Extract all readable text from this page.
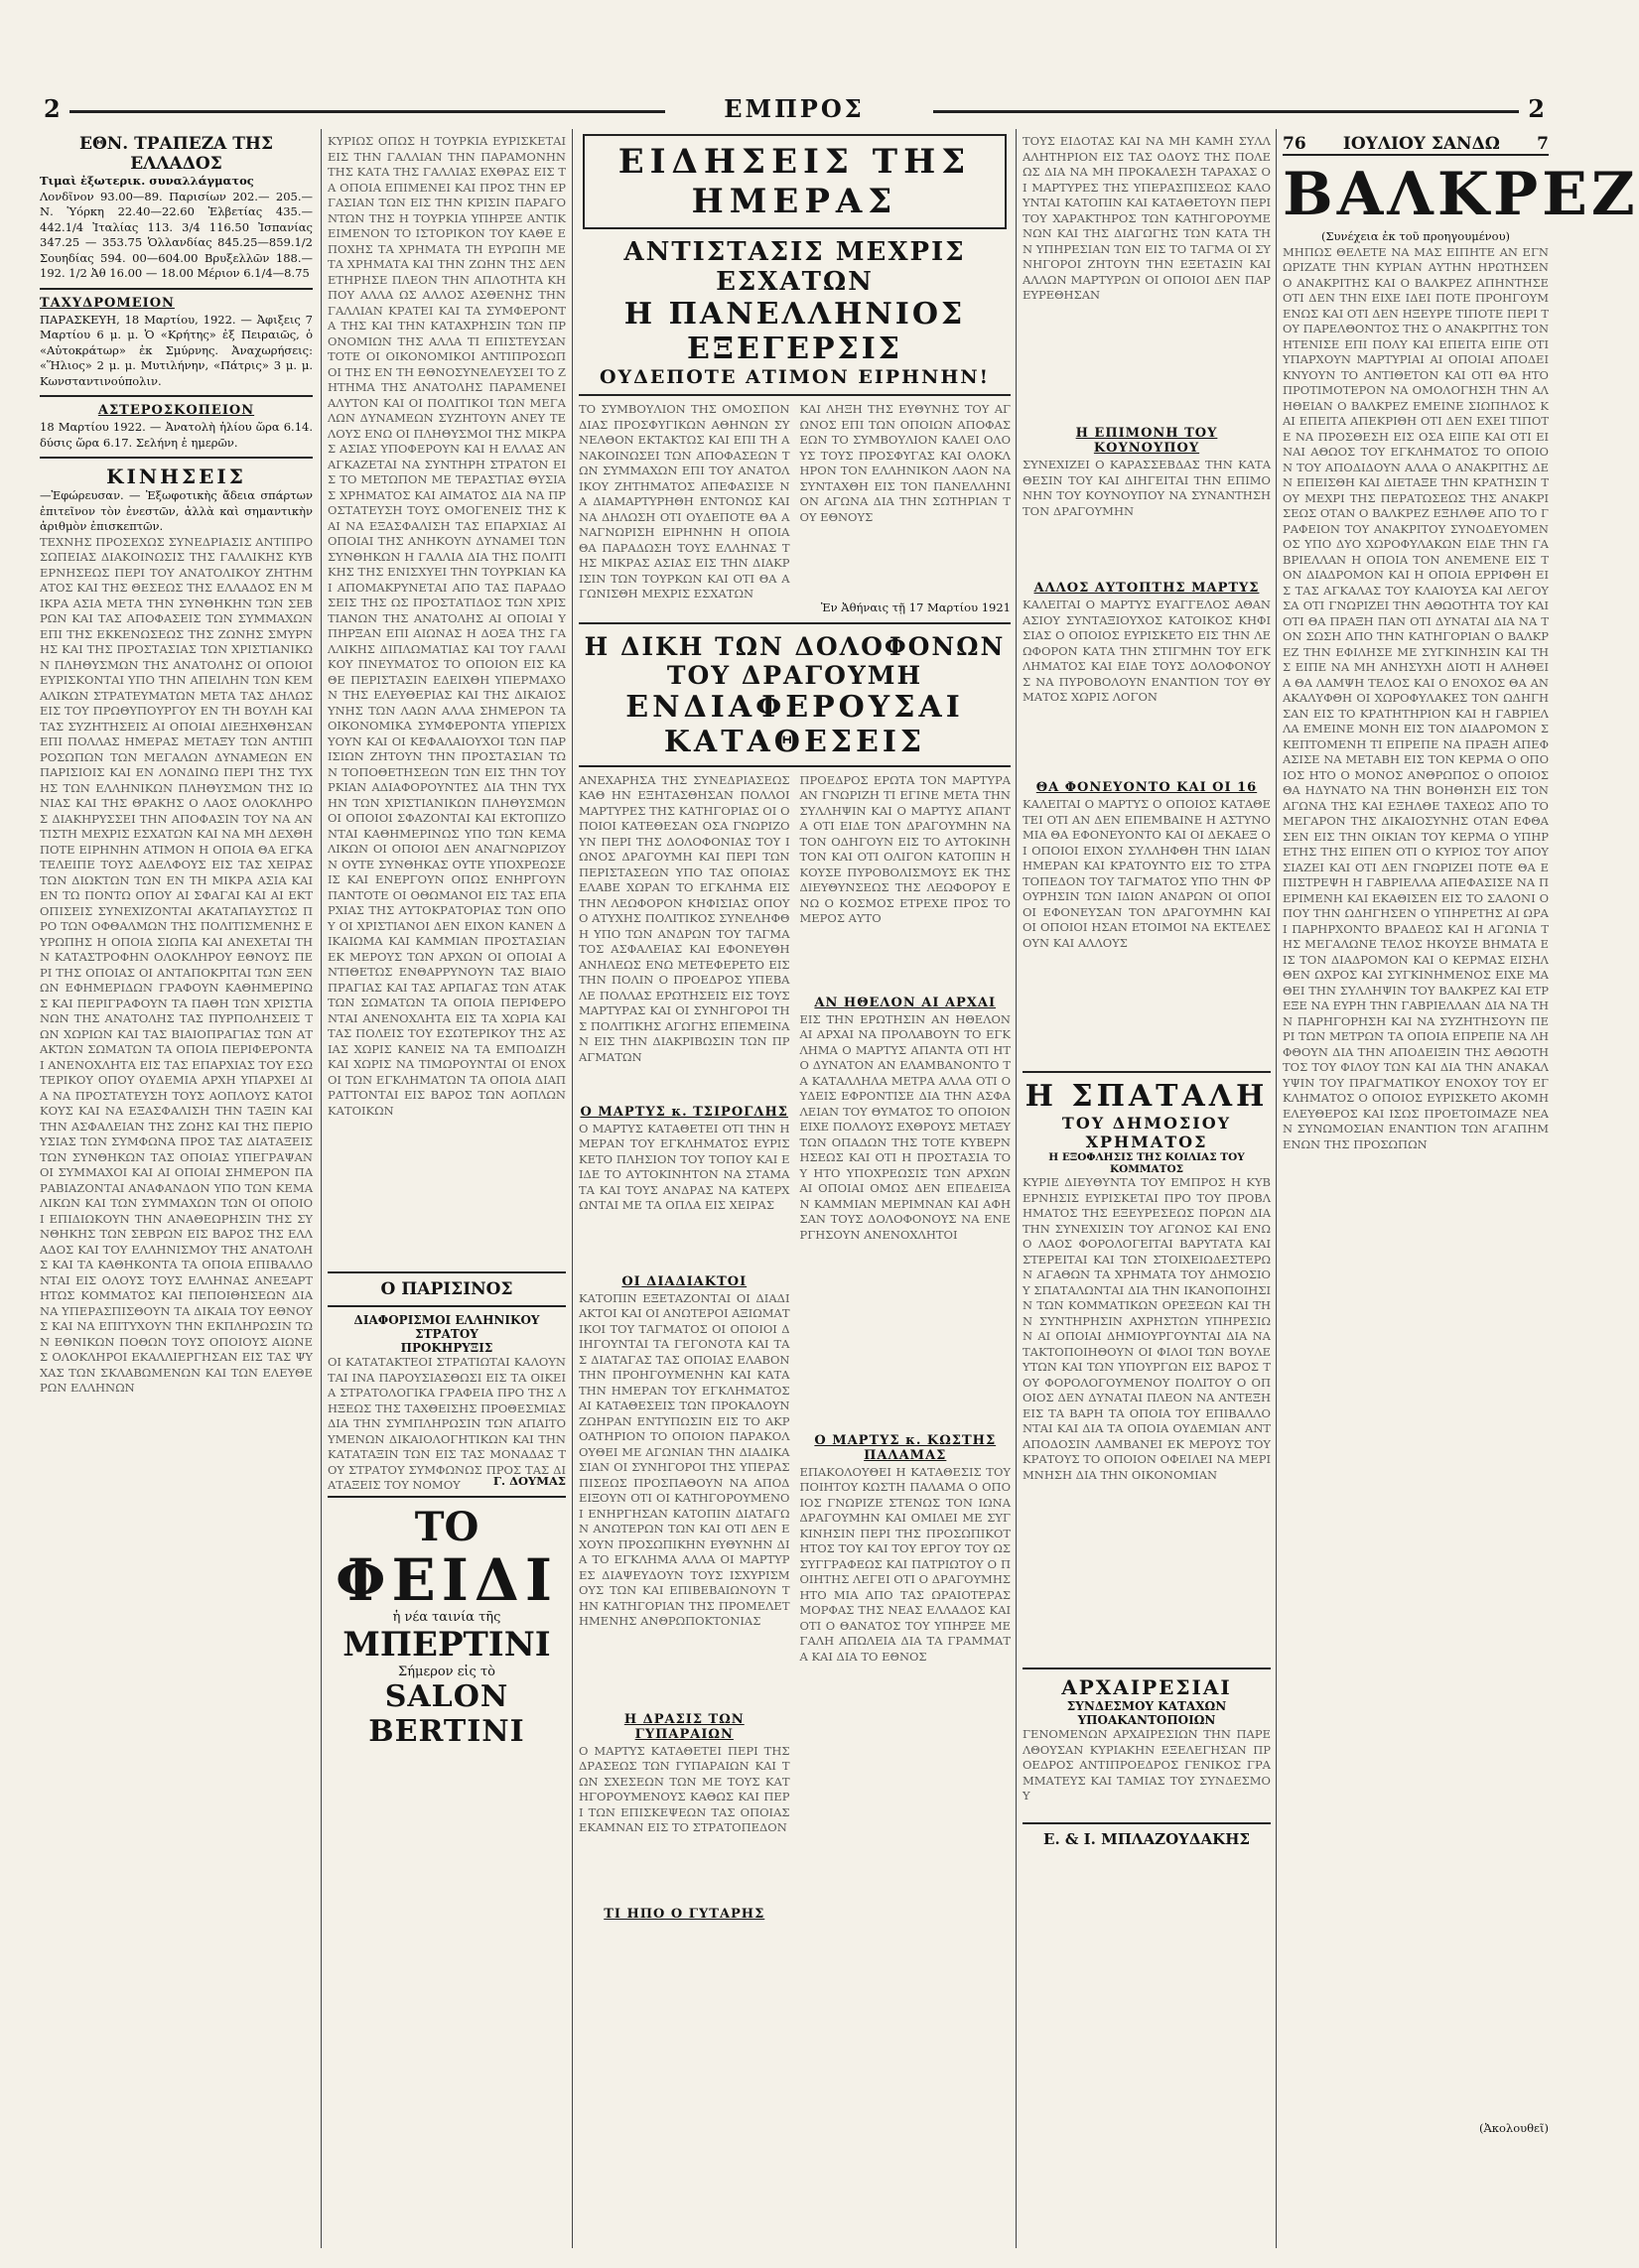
2	ΕΜΠΡΟΣ	2
ΕΘΝ. ΤΡΑΠΕΖΑ ΤΗΣ ΕΛΛΑΔΟΣ
Τιμαὶ ἐξωτερικ. συναλλάγματος
Λονδῖνον 93.00—89. Παρισίων 202.— 205.— Ν. Ὑόρκη 22.40—22.60 Ἑλβετίας 435.— 442.1/4 Ἰταλίας 113. 3/4 116.50 Ἰσπανίας 347.25 — 353.75 Ὁλλανδίας 845.25—859.1/2 Σουηδίας 594. 00—604.00 Βρυξελλῶν 188.— 192. 1/2 Ἀθ 16.00 — 18.00 Μέριον 6.1/4—8.75
ΤΑΧΥΔΡΟΜΕΙΟΝ
ΠΑΡΑΣΚΕΥΗ, 18 Μαρτίου, 1922. — Ἀφιξεις 7 Μαρτίου 6 μ. μ. Ὁ «Κρήτης» ἐξ Πειραιῶς, ὁ «Αὐτοκράτωρ» ἐκ Σμύρνης. Ἀναχωρήσεις: «Ἥλιος» 2 μ. μ. Μυτιλήνην, «Πάτρις» 3 μ. μ. Κωνσταντινούπολιν.
ΑΣΤΕΡΟΣΚΟΠΕΙΟΝ
18 Μαρτίου 1922. — Ἀνατολὴ ἡλίου ὥρα 6.14. δύσις ὥρα 6.17. Σελήνη ἐ ημερῶν.
ΚΙΝΗΣΕΙΣ
—Ἐφώρευσαν. — Ἐξωφοτικὴς ἄδεια σπάρτων ἐπιτεῖνον τὸν ἐνεστῶν, ἀλλὰ καὶ σημαντικὴν ἀριθμὸν ἐπισκεπτῶν.
ΤΕΧΝΗΣ ΠΡΟΣΕΧΩΣ ΣΥΝΕΔΡΙΑΣΙΣ ΑΝΤΙΠΡΟΣΩΠΕΙΑΣ ΔΙΑΚΟΙΝΩΣΙΣ ΤΗΣ ΓΑΛΛΙΚΗΣ ΚΥΒΕΡΝΗΣΕΩΣ ΠΕΡΙ ΤΟΥ ΑΝΑΤΟΛΙΚΟΥ ΖΗΤΗΜΑΤΟΣ ΚΑΙ ΤΗΣ ΘΕΣΕΩΣ ΤΗΣ ΕΛΛΑΔΟΣ ΕΝ ΜΙΚΡΑ ΑΣΙΑ ΜΕΤΑ ΤΗΝ ΣΥΝΘΗΚΗΝ ΤΩΝ ΣΕΒΡΩΝ ΚΑΙ ΤΑΣ ΑΠΟΦΑΣΕΙΣ ΤΩΝ ΣΥΜΜΑΧΩΝ ΕΠΙ ΤΗΣ ΕΚΚΕΝΩΣΕΩΣ ΤΗΣ ΖΩΝΗΣ ΣΜΥΡΝΗΣ ΚΑΙ ΤΗΣ ΠΡΟΣΤΑΣΙΑΣ ΤΩΝ ΧΡΙΣΤΙΑΝΙΚΩΝ ΠΛΗΘΥΣΜΩΝ ΤΗΣ ΑΝΑΤΟΛΗΣ ΟΙ ΟΠΟΙΟΙ ΕΥΡΙΣΚΟΝΤΑΙ ΥΠΟ ΤΗΝ ΑΠΕΙΛΗΝ ΤΩΝ ΚΕΜΑΛΙΚΩΝ ΣΤΡΑΤΕΥΜΑΤΩΝ ΜΕΤΑ ΤΑΣ ΔΗΛΩΣΕΙΣ ΤΟΥ ΠΡΩΘΥΠΟΥΡΓΟΥ ΕΝ ΤΗ ΒΟΥΛΗ ΚΑΙ ΤΑΣ ΣΥΖΗΤΗΣΕΙΣ ΑΙ ΟΠΟΙΑΙ ΔΙΕΞΗΧΘΗΣΑΝ ΕΠΙ ΠΟΛΛΑΣ ΗΜΕΡΑΣ ΜΕΤΑΞΥ ΤΩΝ ΑΝΤΙΠΡΟΣΩΠΩΝ ΤΩΝ ΜΕΓΑΛΩΝ ΔΥΝΑΜΕΩΝ ΕΝ ΠΑΡΙΣΙΟΙΣ ΚΑΙ ΕΝ ΛΟΝΔΙΝΩ ΠΕΡΙ ΤΗΣ ΤΥΧΗΣ ΤΩΝ ΕΛΛΗΝΙΚΩΝ ΠΛΗΘΥΣΜΩΝ ΤΗΣ ΙΩΝΙΑΣ ΚΑΙ ΤΗΣ ΘΡΑΚΗΣ Ο ΛΑΟΣ ΟΛΟΚΛΗΡΟΣ ΔΙΑΚΗΡΥΣΣΕΙ ΤΗΝ ΑΠΟΦΑΣΙΝ ΤΟΥ ΝΑ ΑΝΤΙΣΤΗ ΜΕΧΡΙΣ ΕΣΧΑΤΩΝ ΚΑΙ ΝΑ ΜΗ ΔΕΧΘΗ ΠΟΤΕ ΕΙΡΗΝΗΝ ΑΤΙΜΟΝ Η ΟΠΟΙΑ ΘΑ ΕΓΚΑΤΕΛΕΙΠΕ ΤΟΥΣ ΑΔΕΛΦΟΥΣ ΕΙΣ ΤΑΣ ΧΕΙΡΑΣ ΤΩΝ ΔΙΩΚΤΩΝ ΤΩΝ ΕΝ ΤΗ ΜΙΚΡΑ ΑΣΙΑ ΚΑΙ ΕΝ ΤΩ ΠΟΝΤΩ ΟΠΟΥ ΑΙ ΣΦΑΓΑΙ ΚΑΙ ΑΙ ΕΚΤΟΠΙΣΕΙΣ ΣΥΝΕΧΙΖΟΝΤΑΙ ΑΚΑΤΑΠΑΥΣΤΩΣ ΠΡΟ ΤΩΝ ΟΦΘΑΛΜΩΝ ΤΗΣ ΠΟΛΙΤΙΣΜΕΝΗΣ ΕΥΡΩΠΗΣ Η ΟΠΟΙΑ ΣΙΩΠΑ ΚΑΙ ΑΝΕΧΕΤΑΙ ΤΗΝ ΚΑΤΑΣΤΡΟΦΗΝ ΟΛΟΚΛΗΡΟΥ ΕΘΝΟΥΣ ΠΕΡΙ ΤΗΣ ΟΠΟΙΑΣ ΟΙ ΑΝΤΑΠΟΚΡΙΤΑΙ ΤΩΝ ΞΕΝΩΝ ΕΦΗΜΕΡΙΔΩΝ ΓΡΑΦΟΥΝ ΚΑΘΗΜΕΡΙΝΩΣ ΚΑΙ ΠΕΡΙΓΡΑΦΟΥΝ ΤΑ ΠΑΘΗ ΤΩΝ ΧΡΙΣΤΙΑΝΩΝ ΤΗΣ ΑΝΑΤΟΛΗΣ ΤΑΣ ΠΥΡΠΟΛΗΣΕΙΣ ΤΩΝ ΧΩΡΙΩΝ ΚΑΙ ΤΑΣ ΒΙΑΙΟΠΡΑΓΙΑΣ ΤΩΝ ΑΤΑΚΤΩΝ ΣΩΜΑΤΩΝ ΤΑ ΟΠΟΙΑ ΠΕΡΙΦΕΡΟΝΤΑΙ ΑΝΕΝΟΧΛΗΤΑ ΕΙΣ ΤΑΣ ΕΠΑΡΧΙΑΣ ΤΟΥ ΕΣΩΤΕΡΙΚΟΥ ΟΠΟΥ ΟΥΔΕΜΙΑ ΑΡΧΗ ΥΠΑΡΧΕΙ ΔΙΑ ΝΑ ΠΡΟΣΤΑΤΕΥΣΗ ΤΟΥΣ ΑΟΠΛΟΥΣ ΚΑΤΟΙΚΟΥΣ ΚΑΙ ΝΑ ΕΞΑΣΦΑΛΙΣΗ ΤΗΝ ΤΑΞΙΝ ΚΑΙ ΤΗΝ ΑΣΦΑΛΕΙΑΝ ΤΗΣ ΖΩΗΣ ΚΑΙ ΤΗΣ ΠΕΡΙΟΥΣΙΑΣ ΤΩΝ ΣΥΜΦΩΝΑ ΠΡΟΣ ΤΑΣ ΔΙΑΤΑΞΕΙΣ ΤΩΝ ΣΥΝΘΗΚΩΝ ΤΑΣ ΟΠΟΙΑΣ ΥΠΕΓΡΑΨΑΝ ΟΙ ΣΥΜΜΑΧΟΙ ΚΑΙ ΑΙ ΟΠΟΙΑΙ ΣΗΜΕΡΟΝ ΠΑΡΑΒΙΑΖΟΝΤΑΙ ΑΝΑΦΑΝΔΟΝ ΥΠΟ ΤΩΝ ΚΕΜΑΛΙΚΩΝ ΚΑΙ ΤΩΝ ΣΥΜΜΑΧΩΝ ΤΩΝ ΟΙ ΟΠΟΙΟΙ ΕΠΙΔΙΩΚΟΥΝ ΤΗΝ ΑΝΑΘΕΩΡΗΣΙΝ ΤΗΣ ΣΥΝΘΗΚΗΣ ΤΩΝ ΣΕΒΡΩΝ ΕΙΣ ΒΑΡΟΣ ΤΗΣ ΕΛΛΑΔΟΣ ΚΑΙ ΤΟΥ ΕΛΛΗΝΙΣΜΟΥ ΤΗΣ ΑΝΑΤΟΛΗΣ ΚΑΙ ΤΑ ΚΑΘΗΚΟΝΤΑ ΤΑ ΟΠΟΙΑ ΕΠΙΒΑΛΛΟΝΤΑΙ ΕΙΣ ΟΛΟΥΣ ΤΟΥΣ ΕΛΛΗΝΑΣ ΑΝΕΞΑΡΤΗΤΩΣ ΚΟΜΜΑΤΟΣ ΚΑΙ ΠΕΠΟΙΘΗΣΕΩΝ ΔΙΑ ΝΑ ΥΠΕΡΑΣΠΙΣΘΟΥΝ ΤΑ ΔΙΚΑΙΑ ΤΟΥ ΕΘΝΟΥΣ ΚΑΙ ΝΑ ΕΠΙΤΥΧΟΥΝ ΤΗΝ ΕΚΠΛΗΡΩΣΙΝ ΤΩΝ ΕΘΝΙΚΩΝ ΠΟΘΩΝ ΤΟΥΣ ΟΠΟΙΟΥΣ ΑΙΩΝΕΣ ΟΛΟΚΛΗΡΟΙ ΕΚΑΛΛΙΕΡΓΗΣΑΝ ΕΙΣ ΤΑΣ ΨΥΧΑΣ ΤΩΝ ΣΚΛΑΒΩΜΕΝΩΝ ΚΑΙ ΤΩΝ ΕΛΕΥΘΕΡΩΝ ΕΛΛΗΝΩΝ
ΚΥΡΙΩΣ ΟΠΩΣ Η ΤΟΥΡΚΙΑ ΕΥΡΙΣΚΕΤΑΙ ΕΙΣ ΤΗΝ ΓΑΛΛΙΑΝ ΤΗΝ ΠΑΡΑΜΟΝΗΝ ΤΗΣ ΚΑΤΑ ΤΗΣ ΓΑΛΛΙΑΣ ΕΧΘΡΑΣ ΕΙΣ ΤΑ ΟΠΟΙΑ ΕΠΙΜΕΝΕΙ ΚΑΙ ΠΡΟΣ ΤΗΝ ΕΡΓΑΣΙΑΝ ΤΩΝ ΕΙΣ ΤΗΝ ΚΡΙΣΙΝ ΠΑΡΑΓΟΝΤΩΝ ΤΗΣ Η ΤΟΥΡΚΙΑ ΥΠΗΡΞΕ ΑΝΤΙΚΕΙΜΕΝΟΝ ΤΟ ΙΣΤΟΡΙΚΟΝ ΤΟΥ ΚΑΘΕ ΕΠΟΧΗΣ ΤΑ ΧΡΗΜΑΤΑ ΤΗ ΕΥΡΩΠΗ ΜΕ ΤΑ ΧΡΗΜΑΤΑ ΚΑΙ ΤΗΝ ΖΩΗΝ ΤΗΣ ΔΕΝ ΕΤΗΡΗΣΕ ΠΛΕΟΝ ΤΗΝ ΑΠΛΟΤΗΤΑ ΚΗΠΟΥ ΑΛΛΑ ΩΣ ΑΛΛΟΣ ΑΣΘΕΝΗΣ ΤΗΝ ΓΑΛΛΙΑΝ ΚΡΑΤΕΙ ΚΑΙ ΤΑ ΣΥΜΦΕΡΟΝΤΑ ΤΗΣ ΚΑΙ ΤΗΝ ΚΑΤΑΧΡΗΣΙΝ ΤΩΝ ΠΡΟΝΟΜΙΩΝ ΤΗΣ ΑΛΛΑ ΤΙ ΕΠΙΣΤΕΥΣΑΝ ΤΟΤΕ ΟΙ ΟΙΚΟΝΟΜΙΚΟΙ ΑΝΤΙΠΡΟΣΩΠΟΙ ΤΗΣ ΕΝ ΤΗ ΕΘΝΟΣΥΝΕΛΕΥΣΕΙ ΤΟ ΖΗΤΗΜΑ ΤΗΣ ΑΝΑΤΟΛΗΣ ΠΑΡΑΜΕΝΕΙ ΑΛΥΤΟΝ ΚΑΙ ΟΙ ΠΟΛΙΤΙΚΟΙ ΤΩΝ ΜΕΓΑΛΩΝ ΔΥΝΑΜΕΩΝ ΣΥΖΗΤΟΥΝ ΑΝΕΥ ΤΕΛΟΥΣ ΕΝΩ ΟΙ ΠΛΗΘΥΣΜΟΙ ΤΗΣ ΜΙΚΡΑΣ ΑΣΙΑΣ ΥΠΟΦΕΡΟΥΝ ΚΑΙ Η ΕΛΛΑΣ ΑΝΑΓΚΑΖΕΤΑΙ ΝΑ ΣΥΝΤΗΡΗ ΣΤΡΑΤΟΝ ΕΙΣ ΤΟ ΜΕΤΩΠΟΝ ΜΕ ΤΕΡΑΣΤΙΑΣ ΘΥΣΙΑΣ ΧΡΗΜΑΤΟΣ ΚΑΙ ΑΙΜΑΤΟΣ ΔΙΑ ΝΑ ΠΡΟΣΤΑΤΕΥΣΗ ΤΟΥΣ ΟΜΟΓΕΝΕΙΣ ΤΗΣ ΚΑΙ ΝΑ ΕΞΑΣΦΑΛΙΣΗ ΤΑΣ ΕΠΑΡΧΙΑΣ ΑΙ ΟΠΟΙΑΙ ΤΗΣ ΑΝΗΚΟΥΝ ΔΥΝΑΜΕΙ ΤΩΝ ΣΥΝΘΗΚΩΝ Η ΓΑΛΛΙΑ ΔΙΑ ΤΗΣ ΠΟΛΙΤΙΚΗΣ ΤΗΣ ΕΝΙΣΧΥΕΙ ΤΗΝ ΤΟΥΡΚΙΑΝ ΚΑΙ ΑΠΟΜΑΚΡΥΝΕΤΑΙ ΑΠΟ ΤΑΣ ΠΑΡΑΔΟΣΕΙΣ ΤΗΣ ΩΣ ΠΡΟΣΤΑΤΙΔΟΣ ΤΩΝ ΧΡΙΣΤΙΑΝΩΝ ΤΗΣ ΑΝΑΤΟΛΗΣ ΑΙ ΟΠΟΙΑΙ ΥΠΗΡΞΑΝ ΕΠΙ ΑΙΩΝΑΣ Η ΔΟΞΑ ΤΗΣ ΓΑΛΛΙΚΗΣ ΔΙΠΛΩΜΑΤΙΑΣ ΚΑΙ ΤΟΥ ΓΑΛΛΙΚΟΥ ΠΝΕΥΜΑΤΟΣ ΤΟ ΟΠΟΙΟΝ ΕΙΣ ΚΑΘΕ ΠΕΡΙΣΤΑΣΙΝ ΕΔΕΙΧΘΗ ΥΠΕΡΜΑΧΟΝ ΤΗΣ ΕΛΕΥΘΕΡΙΑΣ ΚΑΙ ΤΗΣ ΔΙΚΑΙΟΣΥΝΗΣ ΤΩΝ ΛΑΩΝ ΑΛΛΑ ΣΗΜΕΡΟΝ ΤΑ ΟΙΚΟΝΟΜΙΚΑ ΣΥΜΦΕΡΟΝΤΑ ΥΠΕΡΙΣΧΥΟΥΝ ΚΑΙ ΟΙ ΚΕΦΑΛΑΙΟΥΧΟΙ ΤΩΝ ΠΑΡΙΣΙΩΝ ΖΗΤΟΥΝ ΤΗΝ ΠΡΟΣΤΑΣΙΑΝ ΤΩΝ ΤΟΠΟΘΕΤΗΣΕΩΝ ΤΩΝ ΕΙΣ ΤΗΝ ΤΟΥΡΚΙΑΝ ΑΔΙΑΦΟΡΟΥΝΤΕΣ ΔΙΑ ΤΗΝ ΤΥΧΗΝ ΤΩΝ ΧΡΙΣΤΙΑΝΙΚΩΝ ΠΛΗΘΥΣΜΩΝ ΟΙ ΟΠΟΙΟΙ ΣΦΑΖΟΝΤΑΙ ΚΑΙ ΕΚΤΟΠΙΖΟΝΤΑΙ ΚΑΘΗΜΕΡΙΝΩΣ ΥΠΟ ΤΩΝ ΚΕΜΑΛΙΚΩΝ ΟΙ ΟΠΟΙΟΙ ΔΕΝ ΑΝΑΓΝΩΡΙΖΟΥΝ ΟΥΤΕ ΣΥΝΘΗΚΑΣ ΟΥΤΕ ΥΠΟΧΡΕΩΣΕΙΣ ΚΑΙ ΕΝΕΡΓΟΥΝ ΟΠΩΣ ΕΝΗΡΓΟΥΝ ΠΑΝΤΟΤΕ ΟΙ ΟΘΩΜΑΝΟΙ ΕΙΣ ΤΑΣ ΕΠΑΡΧΙΑΣ ΤΗΣ ΑΥΤΟΚΡΑΤΟΡΙΑΣ ΤΩΝ ΟΠΟΥ ΟΙ ΧΡΙΣΤΙΑΝΟΙ ΔΕΝ ΕΙΧΟΝ ΚΑΝΕΝ ΔΙΚΑΙΩΜΑ ΚΑΙ ΚΑΜΜΙΑΝ ΠΡΟΣΤΑΣΙΑΝ ΕΚ ΜΕΡΟΥΣ ΤΩΝ ΑΡΧΩΝ ΟΙ ΟΠΟΙΑΙ ΑΝΤΙΘΕΤΩΣ ΕΝΘΑΡΡΥΝΟΥΝ ΤΑΣ ΒΙΑΙΟΠΡΑΓΙΑΣ ΚΑΙ ΤΑΣ ΑΡΠΑΓΑΣ ΤΩΝ ΑΤΑΚΤΩΝ ΣΩΜΑΤΩΝ ΤΑ ΟΠΟΙΑ ΠΕΡΙΦΕΡΟΝΤΑΙ ΑΝΕΝΟΧΛΗΤΑ ΕΙΣ ΤΑ ΧΩΡΙΑ ΚΑΙ ΤΑΣ ΠΟΛΕΙΣ ΤΟΥ ΕΣΩΤΕΡΙΚΟΥ ΤΗΣ ΑΣΙΑΣ ΧΩΡΙΣ ΚΑΝΕΙΣ ΝΑ ΤΑ ΕΜΠΟΔΙΖΗ ΚΑΙ ΧΩΡΙΣ ΝΑ ΤΙΜΩΡΟΥΝΤΑΙ ΟΙ ΕΝΟΧΟΙ ΤΩΝ ΕΓΚΛΗΜΑΤΩΝ ΤΑ ΟΠΟΙΑ ΔΙΑΠΡΑΤΤΟΝΤΑΙ ΕΙΣ ΒΑΡΟΣ ΤΩΝ ΑΟΠΛΩΝ ΚΑΤΟΙΚΩΝ
Ο ΠΑΡΙΣΙΝΟΣ
ΔΙΑΦΟΡΙΣΜΟΙ ΕΛΛΗΝΙΚΟΥ ΣΤΡΑΤΟΥ
ΠΡΟΚΗΡΥΞΙΣ
ΟΙ ΚΑΤΑΤΑΚΤΕΟΙ ΣΤΡΑΤΙΩΤΑΙ ΚΑΛΟΥΝΤΑΙ ΙΝΑ ΠΑΡΟΥΣΙΑΣΘΩΣΙ ΕΙΣ ΤΑ ΟΙΚΕΙΑ ΣΤΡΑΤΟΛΟΓΙΚΑ ΓΡΑΦΕΙΑ ΠΡΟ ΤΗΣ ΛΗΞΕΩΣ ΤΗΣ ΤΑΧΘΕΙΣΗΣ ΠΡΟΘΕΣΜΙΑΣ ΔΙΑ ΤΗΝ ΣΥΜΠΛΗΡΩΣΙΝ ΤΩΝ ΑΠΑΙΤΟΥΜΕΝΩΝ ΔΙΚΑΙΟΛΟΓΗΤΙΚΩΝ ΚΑΙ ΤΗΝ ΚΑΤΑΤΑΞΙΝ ΤΩΝ ΕΙΣ ΤΑΣ ΜΟΝΑΔΑΣ ΤΟΥ ΣΤΡΑΤΟΥ ΣΥΜΦΩΝΩΣ ΠΡΟΣ ΤΑΣ ΔΙΑΤΑΞΕΙΣ ΤΟΥ ΝΟΜΟΥ	Γ. ΔΟΥΜΑΣ
ΤΟ
ΦΕΙΔΙ
ἡ νέα ταινία τῆς
ΜΠΕΡΤΙΝΙ
Σήμερον εἰς τὸ
SALON BERTINI
ΕΙΔΗΣΕΙΣ ΤΗΣ ΗΜΕΡΑΣ
ΑΝΤΙΣΤΑΣΙΣ ΜΕΧΡΙΣ ΕΣΧΑΤΩΝ
Η ΠΑΝΕΛΛΗΝΙΟΣ ΕΞΕΓΕΡΣΙΣ
ΟΥΔΕΠΟΤΕ ΑΤΙΜΟΝ ΕΙΡΗΝΗΝ!
ΤΟ ΣΥΜΒΟΥΛΙΟΝ ΤΗΣ ΟΜΟΣΠΟΝΔΙΑΣ ΠΡΟΣΦΥΓΙΚΩΝ ΑΘΗΝΩΝ ΣΥΝΕΛΘΟΝ ΕΚΤΑΚΤΩΣ ΚΑΙ ΕΠΙ ΤΗ ΑΝΑΚΟΙΝΩΣΕΙ ΤΩΝ ΑΠΟΦΑΣΕΩΝ ΤΩΝ ΣΥΜΜΑΧΩΝ ΕΠΙ ΤΟΥ ΑΝΑΤΟΛΙΚΟΥ ΖΗΤΗΜΑΤΟΣ ΑΠΕΦΑΣΙΣΕ ΝΑ ΔΙΑΜΑΡΤΥΡΗΘΗ ΕΝΤΟΝΩΣ ΚΑΙ ΝΑ ΔΗΛΩΣΗ ΟΤΙ ΟΥΔΕΠΟΤΕ ΘΑ ΑΝΑΓΝΩΡΙΣΗ ΕΙΡΗΝΗΝ Η ΟΠΟΙΑ ΘΑ ΠΑΡΑΔΩΣΗ ΤΟΥΣ ΕΛΛΗΝΑΣ ΤΗΣ ΜΙΚΡΑΣ ΑΣΙΑΣ ΕΙΣ ΤΗΝ ΔΙΑΚΡΙΣΙΝ ΤΩΝ ΤΟΥΡΚΩΝ ΚΑΙ ΟΤΙ ΘΑ ΑΓΩΝΙΣΘΗ ΜΕΧΡΙΣ ΕΣΧΑΤΩΝ
ΚΑΙ ΛΗΞΗ ΤΗΣ ΕΥΘΥΝΗΣ ΤΟΥ ΑΓΩΝΟΣ ΕΠΙ ΤΩΝ ΟΠΟΙΩΝ ΑΠΟΦΑΣΕΩΝ ΤΟ ΣΥΜΒΟΥΛΙΟΝ ΚΑΛΕΙ ΟΛΟΥΣ ΤΟΥΣ ΠΡΟΣΦΥΓΑΣ ΚΑΙ ΟΛΟΚΛΗΡΟΝ ΤΟΝ ΕΛΛΗΝΙΚΟΝ ΛΑΟΝ ΝΑ ΣΥΝΤΑΧΘΗ ΕΙΣ ΤΟΝ ΠΑΝΕΛΛΗΝΙΟΝ ΑΓΩΝΑ ΔΙΑ ΤΗΝ ΣΩΤΗΡΙΑΝ ΤΟΥ ΕΘΝΟΥΣ
Ἐν Ἀθήναις τῇ 17 Μαρτίου 1921
Η ΔΙΚΗ ΤΩΝ ΔΟΛΟΦΟΝΩΝ ΤΟΥ ΔΡΑΓΟΥΜΗ
ΕΝΔΙΑΦΕΡΟΥΣΑΙ ΚΑΤΑΘΕΣΕΙΣ
ΑΝΕΧΑΡΗΣΑ ΤΗΣ ΣΥΝΕΔΡΙΑΣΕΩΣ ΚΑΘ ΗΝ ΕΞΗΤΑΣΘΗΣΑΝ ΠΟΛΛΟΙ ΜΑΡΤΥΡΕΣ ΤΗΣ ΚΑΤΗΓΟΡΙΑΣ ΟΙ ΟΠΟΙΟΙ ΚΑΤΕΘΕΣΑΝ ΟΣΑ ΓΝΩΡΙΖΟΥΝ ΠΕΡΙ ΤΗΣ ΔΟΛΟΦΟΝΙΑΣ ΤΟΥ ΙΩΝΟΣ ΔΡΑΓΟΥΜΗ ΚΑΙ ΠΕΡΙ ΤΩΝ ΠΕΡΙΣΤΑΣΕΩΝ ΥΠΟ ΤΑΣ ΟΠΟΙΑΣ ΕΛΑΒΕ ΧΩΡΑΝ ΤΟ ΕΓΚΛΗΜΑ ΕΙΣ ΤΗΝ ΛΕΩΦΟΡΟΝ ΚΗΦΙΣΙΑΣ ΟΠΟΥ Ο ΑΤΥΧΗΣ ΠΟΛΙΤΙΚΟΣ ΣΥΝΕΛΗΦΘΗ ΥΠΟ ΤΩΝ ΑΝΔΡΩΝ ΤΟΥ ΤΑΓΜΑΤΟΣ ΑΣΦΑΛΕΙΑΣ ΚΑΙ ΕΦΟΝΕΥΘΗ ΑΝΗΛΕΩΣ ΕΝΩ ΜΕΤΕΦΕΡΕΤΟ ΕΙΣ ΤΗΝ ΠΟΛΙΝ Ο ΠΡΟΕΔΡΟΣ ΥΠΕΒΑΛΕ ΠΟΛΛΑΣ ΕΡΩΤΗΣΕΙΣ ΕΙΣ ΤΟΥΣ ΜΑΡΤΥΡΑΣ ΚΑΙ ΟΙ ΣΥΝΗΓΟΡΟΙ ΤΗΣ ΠΟΛΙΤΙΚΗΣ ΑΓΩΓΗΣ ΕΠΕΜΕΙΝΑΝ ΕΙΣ ΤΗΝ ΔΙΑΚΡΙΒΩΣΙΝ ΤΩΝ ΠΡΑΓΜΑΤΩΝ
Ο ΜΑΡΤΥΣ κ. ΤΣΙΡΟΓΛΗΣ
Ο ΜΑΡΤΥΣ ΚΑΤΑΘΕΤΕΙ ΟΤΙ ΤΗΝ ΗΜΕΡΑΝ ΤΟΥ ΕΓΚΛΗΜΑΤΟΣ ΕΥΡΙΣΚΕΤΟ ΠΛΗΣΙΟΝ ΤΟΥ ΤΟΠΟΥ ΚΑΙ ΕΙΔΕ ΤΟ ΑΥΤΟΚΙΝΗΤΟΝ ΝΑ ΣΤΑΜΑΤΑ ΚΑΙ ΤΟΥΣ ΑΝΔΡΑΣ ΝΑ ΚΑΤΕΡΧΩΝΤΑΙ ΜΕ ΤΑ ΟΠΛΑ ΕΙΣ ΧΕΙΡΑΣ
ΟΙ ΔΙΑΔΙΑΚΤΟΙ
ΚΑΤΟΠΙΝ ΕΞΕΤΑΖΟΝΤΑΙ ΟΙ ΔΙΑΔΙΑΚΤΟΙ ΚΑΙ ΟΙ ΑΝΩΤΕΡΟΙ ΑΞΙΩΜΑΤΙΚΟΙ ΤΟΥ ΤΑΓΜΑΤΟΣ ΟΙ ΟΠΟΙΟΙ ΔΙΗΓΟΥΝΤΑΙ ΤΑ ΓΕΓΟΝΟΤΑ ΚΑΙ ΤΑΣ ΔΙΑΤΑΓΑΣ ΤΑΣ ΟΠΟΙΑΣ ΕΛΑΒΟΝ ΤΗΝ ΠΡΟΗΓΟΥΜΕΝΗΝ ΚΑΙ ΚΑΤΑ ΤΗΝ ΗΜΕΡΑΝ ΤΟΥ ΕΓΚΛΗΜΑΤΟΣ ΑΙ ΚΑΤΑΘΕΣΕΙΣ ΤΩΝ ΠΡΟΚΑΛΟΥΝ ΖΩΗΡΑΝ ΕΝΤΥΠΩΣΙΝ ΕΙΣ ΤΟ ΑΚΡΟΑΤΗΡΙΟΝ ΤΟ ΟΠΟΙΟΝ ΠΑΡΑΚΟΛΟΥΘΕΙ ΜΕ ΑΓΩΝΙΑΝ ΤΗΝ ΔΙΑΔΙΚΑΣΙΑΝ ΟΙ ΣΥΝΗΓΟΡΟΙ ΤΗΣ ΥΠΕΡΑΣΠΙΣΕΩΣ ΠΡΟΣΠΑΘΟΥΝ ΝΑ ΑΠΟΔΕΙΞΟΥΝ ΟΤΙ ΟΙ ΚΑΤΗΓΟΡΟΥΜΕΝΟΙ ΕΝΗΡΓΗΣΑΝ ΚΑΤΟΠΙΝ ΔΙΑΤΑΓΩΝ ΑΝΩΤΕΡΩΝ ΤΩΝ ΚΑΙ ΟΤΙ ΔΕΝ ΕΧΟΥΝ ΠΡΟΣΩΠΙΚΗΝ ΕΥΘΥΝΗΝ ΔΙΑ ΤΟ ΕΓΚΛΗΜΑ ΑΛΛΑ ΟΙ ΜΑΡΤΥΡΕΣ ΔΙΑΨΕΥΔΟΥΝ ΤΟΥΣ ΙΣΧΥΡΙΣΜΟΥΣ ΤΩΝ ΚΑΙ ΕΠΙΒΕΒΑΙΩΝΟΥΝ ΤΗΝ ΚΑΤΗΓΟΡΙΑΝ ΤΗΣ ΠΡΟΜΕΛΕΤΗΜΕΝΗΣ ΑΝΘΡΩΠΟΚΤΟΝΙΑΣ
Η ΔΡΑΣΙΣ ΤΩΝ ΓΥΠΑΡΑΙΩΝ
Ο ΜΑΡΤΥΣ ΚΑΤΑΘΕΤΕΙ ΠΕΡΙ ΤΗΣ ΔΡΑΣΕΩΣ ΤΩΝ ΓΥΠΑΡΑΙΩΝ ΚΑΙ ΤΩΝ ΣΧΕΣΕΩΝ ΤΩΝ ΜΕ ΤΟΥΣ ΚΑΤΗΓΟΡΟΥΜΕΝΟΥΣ ΚΑΘΩΣ ΚΑΙ ΠΕΡΙ ΤΩΝ ΕΠΙΣΚΕΨΕΩΝ ΤΑΣ ΟΠΟΙΑΣ ΕΚΑΜΝΑΝ ΕΙΣ ΤΟ ΣΤΡΑΤΟΠΕΔΟΝ
ΤΙ ΗΠΟ Ο ΓΥΤΑΡΗΣ
ΠΡΟΕΔΡΟΣ ΕΡΩΤΑ ΤΟΝ ΜΑΡΤΥΡΑ ΑΝ ΓΝΩΡΙΖΗ ΤΙ ΕΓΙΝΕ ΜΕΤΑ ΤΗΝ ΣΥΛΛΗΨΙΝ ΚΑΙ Ο ΜΑΡΤΥΣ ΑΠΑΝΤΑ ΟΤΙ ΕΙΔΕ ΤΟΝ ΔΡΑΓΟΥΜΗΝ ΝΑ ΤΟΝ ΟΔΗΓΟΥΝ ΕΙΣ ΤΟ ΑΥΤΟΚΙΝΗΤΟΝ ΚΑΙ ΟΤΙ ΟΛΙΓΟΝ ΚΑΤΟΠΙΝ ΗΚΟΥΣΕ ΠΥΡΟΒΟΛΙΣΜΟΥΣ ΕΚ ΤΗΣ ΔΙΕΥΘΥΝΣΕΩΣ ΤΗΣ ΛΕΩΦΟΡΟΥ ΕΝΩ Ο ΚΟΣΜΟΣ ΕΤΡΕΧΕ ΠΡΟΣ ΤΟ ΜΕΡΟΣ ΑΥΤΟ
ΑΝ ΗΘΕΛΟΝ ΑΙ ΑΡΧΑΙ
ΕΙΣ ΤΗΝ ΕΡΩΤΗΣΙΝ ΑΝ ΗΘΕΛΟΝ ΑΙ ΑΡΧΑΙ ΝΑ ΠΡΟΛΑΒΟΥΝ ΤΟ ΕΓΚΛΗΜΑ Ο ΜΑΡΤΥΣ ΑΠΑΝΤΑ ΟΤΙ ΗΤΟ ΔΥΝΑΤΟΝ ΑΝ ΕΛΑΜΒΑΝΟΝΤΟ ΤΑ ΚΑΤΑΛΛΗΛΑ ΜΕΤΡΑ ΑΛΛΑ ΟΤΙ ΟΥΔΕΙΣ ΕΦΡΟΝΤΙΣΕ ΔΙΑ ΤΗΝ ΑΣΦΑΛΕΙΑΝ ΤΟΥ ΘΥΜΑΤΟΣ ΤΟ ΟΠΟΙΟΝ ΕΙΧΕ ΠΟΛΛΟΥΣ ΕΧΘΡΟΥΣ ΜΕΤΑΞΥ ΤΩΝ ΟΠΑΔΩΝ ΤΗΣ ΤΟΤΕ ΚΥΒΕΡΝΗΣΕΩΣ ΚΑΙ ΟΤΙ Η ΠΡΟΣΤΑΣΙΑ ΤΟΥ ΗΤΟ ΥΠΟΧΡΕΩΣΙΣ ΤΩΝ ΑΡΧΩΝ ΑΙ ΟΠΟΙΑΙ ΟΜΩΣ ΔΕΝ ΕΠΕΔΕΙΞΑΝ ΚΑΜΜΙΑΝ ΜΕΡΙΜΝΑΝ ΚΑΙ ΑΦΗΣΑΝ ΤΟΥΣ ΔΟΛΟΦΟΝΟΥΣ ΝΑ ΕΝΕΡΓΗΣΟΥΝ ΑΝΕΝΟΧΛΗΤΟΙ
Ο ΜΑΡΤΥΣ κ. ΚΩΣΤΗΣ ΠΑΛΑΜΑΣ
ΕΠΑΚΟΛΟΥΘΕΙ Η ΚΑΤΑΘΕΣΙΣ ΤΟΥ ΠΟΙΗΤΟΥ ΚΩΣΤΗ ΠΑΛΑΜΑ Ο ΟΠΟΙΟΣ ΓΝΩΡΙΖΕ ΣΤΕΝΩΣ ΤΟΝ ΙΩΝΑ ΔΡΑΓΟΥΜΗΝ ΚΑΙ ΟΜΙΛΕΙ ΜΕ ΣΥΓΚΙΝΗΣΙΝ ΠΕΡΙ ΤΗΣ ΠΡΟΣΩΠΙΚΟΤΗΤΟΣ ΤΟΥ ΚΑΙ ΤΟΥ ΕΡΓΟΥ ΤΟΥ ΩΣ ΣΥΓΓΡΑΦΕΩΣ ΚΑΙ ΠΑΤΡΙΩΤΟΥ Ο ΠΟΙΗΤΗΣ ΛΕΓΕΙ ΟΤΙ Ο ΔΡΑΓΟΥΜΗΣ ΗΤΟ ΜΙΑ ΑΠΟ ΤΑΣ ΩΡΑΙΟΤΕΡΑΣ ΜΟΡΦΑΣ ΤΗΣ ΝΕΑΣ ΕΛΛΑΔΟΣ ΚΑΙ ΟΤΙ Ο ΘΑΝΑΤΟΣ ΤΟΥ ΥΠΗΡΞΕ ΜΕΓΑΛΗ ΑΠΩΛΕΙΑ ΔΙΑ ΤΑ ΓΡΑΜΜΑΤΑ ΚΑΙ ΔΙΑ ΤΟ ΕΘΝΟΣ
ΤΟΥΣ ΕΙΔΟΤΑΣ ΚΑΙ ΝΑ ΜΗ ΚΑΜΗ ΣΥΛΛΑΛΗΤΗΡΙΟΝ ΕΙΣ ΤΑΣ ΟΔΟΥΣ ΤΗΣ ΠΟΛΕΩΣ ΔΙΑ ΝΑ ΜΗ ΠΡΟΚΑΛΕΣΗ ΤΑΡΑΧΑΣ ΟΙ ΜΑΡΤΥΡΕΣ ΤΗΣ ΥΠΕΡΑΣΠΙΣΕΩΣ ΚΑΛΟΥΝΤΑΙ ΚΑΤΟΠΙΝ ΚΑΙ ΚΑΤΑΘΕΤΟΥΝ ΠΕΡΙ ΤΟΥ ΧΑΡΑΚΤΗΡΟΣ ΤΩΝ ΚΑΤΗΓΟΡΟΥΜΕΝΩΝ ΚΑΙ ΤΗΣ ΔΙΑΓΩΓΗΣ ΤΩΝ ΚΑΤΑ ΤΗΝ ΥΠΗΡΕΣΙΑΝ ΤΩΝ ΕΙΣ ΤΟ ΤΑΓΜΑ ΟΙ ΣΥΝΗΓΟΡΟΙ ΖΗΤΟΥΝ ΤΗΝ ΕΞΕΤΑΣΙΝ ΚΑΙ ΑΛΛΩΝ ΜΑΡΤΥΡΩΝ ΟΙ ΟΠΟΙΟΙ ΔΕΝ ΠΑΡΕΥΡΕΘΗΣΑΝ
Η ΕΠΙΜΟΝΗ ΤΟΥ ΚΟΥΝΟΥΠΟΥ
ΣΥΝΕΧΙΖΕΙ Ο ΚΑΡΑΣΣΕΒΔΑΣ ΤΗΝ ΚΑΤΑΘΕΣΙΝ ΤΟΥ ΚΑΙ ΔΙΗΓΕΙΤΑΙ ΤΗΝ ΕΠΙΜΟΝΗΝ ΤΟΥ ΚΟΥΝΟΥΠΟΥ ΝΑ ΣΥΝΑΝΤΗΣΗ ΤΟΝ ΔΡΑΓΟΥΜΗΝ
ΑΛΛΟΣ ΑΥΤΟΠΤΗΣ ΜΑΡΤΥΣ
ΚΑΛΕΙΤΑΙ Ο ΜΑΡΤΥΣ ΕΥΑΓΓΕΛΟΣ ΑΘΑΝΑΣΙΟΥ ΣΥΝΤΑΞΙΟΥΧΟΣ ΚΑΤΟΙΚΟΣ ΚΗΦΙΣΙΑΣ Ο ΟΠΟΙΟΣ ΕΥΡΙΣΚΕΤΟ ΕΙΣ ΤΗΝ ΛΕΩΦΟΡΟΝ ΚΑΤΑ ΤΗΝ ΣΤΙΓΜΗΝ ΤΟΥ ΕΓΚΛΗΜΑΤΟΣ ΚΑΙ ΕΙΔΕ ΤΟΥΣ ΔΟΛΟΦΟΝΟΥΣ ΝΑ ΠΥΡΟΒΟΛΟΥΝ ΕΝΑΝΤΙΟΝ ΤΟΥ ΘΥΜΑΤΟΣ ΧΩΡΙΣ ΛΟΓΟΝ
ΘΑ ΦΟΝΕΥΟΝΤΟ ΚΑΙ ΟΙ 16
ΚΑΛΕΙΤΑΙ Ο ΜΑΡΤΥΣ Ο ΟΠΟΙΟΣ ΚΑΤΑΘΕΤΕΙ ΟΤΙ ΑΝ ΔΕΝ ΕΠΕΜΒΑΙΝΕ Η ΑΣΤΥΝΟΜΙΑ ΘΑ ΕΦΟΝΕΥΟΝΤΟ ΚΑΙ ΟΙ ΔΕΚΑΕΞ ΟΙ ΟΠΟΙΟΙ ΕΙΧΟΝ ΣΥΛΛΗΦΘΗ ΤΗΝ ΙΔΙΑΝ ΗΜΕΡΑΝ ΚΑΙ ΚΡΑΤΟΥΝΤΟ ΕΙΣ ΤΟ ΣΤΡΑΤΟΠΕΔΟΝ ΤΟΥ ΤΑΓΜΑΤΟΣ ΥΠΟ ΤΗΝ ΦΡΟΥΡΗΣΙΝ ΤΩΝ ΙΔΙΩΝ ΑΝΔΡΩΝ ΟΙ ΟΠΟΙΟΙ ΕΦΟΝΕΥΣΑΝ ΤΟΝ ΔΡΑΓΟΥΜΗΝ ΚΑΙ ΟΙ ΟΠΟΙΟΙ ΗΣΑΝ ΕΤΟΙΜΟΙ ΝΑ ΕΚΤΕΛΕΣΟΥΝ ΚΑΙ ΑΛΛΟΥΣ
Η ΣΠΑΤΑΛΗ
ΤΟΥ ΔΗΜΟΣΙΟΥ ΧΡΗΜΑΤΟΣ
Η ΕΞΟΦΛΗΣΙΣ ΤΗΣ ΚΟΙΛΙΑΣ ΤΟΥ ΚΟΜΜΑΤΟΣ
ΚΥΡΙΕ ΔΙΕΥΘΥΝΤΑ ΤΟΥ ΕΜΠΡΟΣ Η ΚΥΒΕΡΝΗΣΙΣ ΕΥΡΙΣΚΕΤΑΙ ΠΡΟ ΤΟΥ ΠΡΟΒΛΗΜΑΤΟΣ ΤΗΣ ΕΞΕΥΡΕΣΕΩΣ ΠΟΡΩΝ ΔΙΑ ΤΗΝ ΣΥΝΕΧΙΣΙΝ ΤΟΥ ΑΓΩΝΟΣ ΚΑΙ ΕΝΩ Ο ΛΑΟΣ ΦΟΡΟΛΟΓΕΙΤΑΙ ΒΑΡΥΤΑΤΑ ΚΑΙ ΣΤΕΡΕΙΤΑΙ ΚΑΙ ΤΩΝ ΣΤΟΙΧΕΙΩΔΕΣΤΕΡΩΝ ΑΓΑΘΩΝ ΤΑ ΧΡΗΜΑΤΑ ΤΟΥ ΔΗΜΟΣΙΟΥ ΣΠΑΤΑΛΩΝΤΑΙ ΔΙΑ ΤΗΝ ΙΚΑΝΟΠΟΙΗΣΙΝ ΤΩΝ ΚΟΜΜΑΤΙΚΩΝ ΟΡΕΞΕΩΝ ΚΑΙ ΤΗΝ ΣΥΝΤΗΡΗΣΙΝ ΑΧΡΗΣΤΩΝ ΥΠΗΡΕΣΙΩΝ ΑΙ ΟΠΟΙΑΙ ΔΗΜΙΟΥΡΓΟΥΝΤΑΙ ΔΙΑ ΝΑ ΤΑΚΤΟΠΟΙΗΘΟΥΝ ΟΙ ΦΙΛΟΙ ΤΩΝ ΒΟΥΛΕΥΤΩΝ ΚΑΙ ΤΩΝ ΥΠΟΥΡΓΩΝ ΕΙΣ ΒΑΡΟΣ ΤΟΥ ΦΟΡΟΛΟΓΟΥΜΕΝΟΥ ΠΟΛΙΤΟΥ Ο ΟΠΟΙΟΣ ΔΕΝ ΔΥΝΑΤΑΙ ΠΛΕΟΝ ΝΑ ΑΝΤΕΞΗ ΕΙΣ ΤΑ ΒΑΡΗ ΤΑ ΟΠΟΙΑ ΤΟΥ ΕΠΙΒΑΛΛΟΝΤΑΙ ΚΑΙ ΔΙΑ ΤΑ ΟΠΟΙΑ ΟΥΔΕΜΙΑΝ ΑΝΤΑΠΟΔΟΣΙΝ ΛΑΜΒΑΝΕΙ ΕΚ ΜΕΡΟΥΣ ΤΟΥ ΚΡΑΤΟΥΣ ΤΟ ΟΠΟΙΟΝ ΟΦΕΙΛΕΙ ΝΑ ΜΕΡΙΜΝΗΣΗ ΔΙΑ ΤΗΝ ΟΙΚΟΝΟΜΙΑΝ
ΑΡΧΑΙΡΕΣΙΑΙ
ΣΥΝΔΕΣΜΟΥ ΚΑΤΑΧΩΝ ΥΠΟΑΚΑΝΤΟΠΟΙΩΝ
ΓΕΝΟΜΕΝΩΝ ΑΡΧΑΙΡΕΣΙΩΝ ΤΗΝ ΠΑΡΕΛΘΟΥΣΑΝ ΚΥΡΙΑΚΗΝ ΕΞΕΛΕΓΗΣΑΝ ΠΡΟΕΔΡΟΣ ΑΝΤΙΠΡΟΕΔΡΟΣ ΓΕΝΙΚΟΣ ΓΡΑΜΜΑΤΕΥΣ ΚΑΙ ΤΑΜΙΑΣ ΤΟΥ ΣΥΝΔΕΣΜΟΥ
Ε. & Ι. ΜΠΛΑΖΟΥΔΑΚΗΣ
76 ΙΟΥΛΙΟΥ ΣΑΝΔΩ 7
ΒΑΛΚΡΕΖ
(Συνέχεια ἐκ τοῦ προηγουμένου)
ΜΗΠΩΣ ΘΕΛΕΤΕ ΝΑ ΜΑΣ ΕΙΠΗΤΕ ΑΝ ΕΓΝΩΡΙΖΑΤΕ ΤΗΝ ΚΥΡΙΑΝ ΑΥΤΗΝ ΗΡΩΤΗΣΕΝ Ο ΑΝΑΚΡΙΤΗΣ ΚΑΙ Ο ΒΑΛΚΡΕΖ ΑΠΗΝΤΗΣΕ ΟΤΙ ΔΕΝ ΤΗΝ ΕΙΧΕ ΙΔΕΙ ΠΟΤΕ ΠΡΟΗΓΟΥΜΕΝΩΣ ΚΑΙ ΟΤΙ ΔΕΝ ΗΞΕΥΡΕ ΤΙΠΟΤΕ ΠΕΡΙ ΤΟΥ ΠΑΡΕΛΘΟΝΤΟΣ ΤΗΣ Ο ΑΝΑΚΡΙΤΗΣ ΤΟΝ ΗΤΕΝΙΣΕ ΕΠΙ ΠΟΛΥ ΚΑΙ ΕΠΕΙΤΑ ΕΙΠΕ ΟΤΙ ΥΠΑΡΧΟΥΝ ΜΑΡΤΥΡΙΑΙ ΑΙ ΟΠΟΙΑΙ ΑΠΟΔΕΙΚΝΥΟΥΝ ΤΟ ΑΝΤΙΘΕΤΟΝ ΚΑΙ ΟΤΙ ΘΑ ΗΤΟ ΠΡΟΤΙΜΟΤΕΡΟΝ ΝΑ ΟΜΟΛΟΓΗΣΗ ΤΗΝ ΑΛΗΘΕΙΑΝ Ο ΒΑΛΚΡΕΖ ΕΜΕΙΝΕ ΣΙΩΠΗΛΟΣ ΚΑΙ ΕΠΕΙΤΑ ΑΠΕΚΡΙΘΗ ΟΤΙ ΔΕΝ ΕΧΕΙ ΤΙΠΟΤΕ ΝΑ ΠΡΟΣΘΕΣΗ ΕΙΣ ΟΣΑ ΕΙΠΕ ΚΑΙ ΟΤΙ ΕΙΝΑΙ ΑΘΩΟΣ ΤΟΥ ΕΓΚΛΗΜΑΤΟΣ ΤΟ ΟΠΟΙΟΝ ΤΟΥ ΑΠΟΔΙΔΟΥΝ ΑΛΛΑ Ο ΑΝΑΚΡΙΤΗΣ ΔΕΝ ΕΠΕΙΣΘΗ ΚΑΙ ΔΙΕΤΑΞΕ ΤΗΝ ΚΡΑΤΗΣΙΝ ΤΟΥ ΜΕΧΡΙ ΤΗΣ ΠΕΡΑΤΩΣΕΩΣ ΤΗΣ ΑΝΑΚΡΙΣΕΩΣ ΟΤΑΝ Ο ΒΑΛΚΡΕΖ ΕΞΗΛΘΕ ΑΠΟ ΤΟ ΓΡΑΦΕΙΟΝ ΤΟΥ ΑΝΑΚΡΙΤΟΥ ΣΥΝΟΔΕΥΟΜΕΝΟΣ ΥΠΟ ΔΥΟ ΧΩΡΟΦΥΛΑΚΩΝ ΕΙΔΕ ΤΗΝ ΓΑΒΡΙΕΛΛΑΝ Η ΟΠΟΙΑ ΤΟΝ ΑΝΕΜΕΝΕ ΕΙΣ ΤΟΝ ΔΙΑΔΡΟΜΟΝ ΚΑΙ Η ΟΠΟΙΑ ΕΡΡΙΦΘΗ ΕΙΣ ΤΑΣ ΑΓΚΑΛΑΣ ΤΟΥ ΚΛΑΙΟΥΣΑ ΚΑΙ ΛΕΓΟΥΣΑ ΟΤΙ ΓΝΩΡΙΖΕΙ ΤΗΝ ΑΘΩΟΤΗΤΑ ΤΟΥ ΚΑΙ ΟΤΙ ΘΑ ΠΡΑΞΗ ΠΑΝ ΟΤΙ ΔΥΝΑΤΑΙ ΔΙΑ ΝΑ ΤΟΝ ΣΩΣΗ ΑΠΟ ΤΗΝ ΚΑΤΗΓΟΡΙΑΝ Ο ΒΑΛΚΡΕΖ ΤΗΝ ΕΦΙΛΗΣΕ ΜΕ ΣΥΓΚΙΝΗΣΙΝ ΚΑΙ ΤΗΣ ΕΙΠΕ ΝΑ ΜΗ ΑΝΗΣΥΧΗ ΔΙΟΤΙ Η ΑΛΗΘΕΙΑ ΘΑ ΛΑΜΨΗ ΤΕΛΟΣ ΚΑΙ Ο ΕΝΟΧΟΣ ΘΑ ΑΝΑΚΑΛΥΦΘΗ ΟΙ ΧΩΡΟΦΥΛΑΚΕΣ ΤΟΝ ΩΔΗΓΗΣΑΝ ΕΙΣ ΤΟ ΚΡΑΤΗΤΗΡΙΟΝ ΚΑΙ Η ΓΑΒΡΙΕΛΛΑ ΕΜΕΙΝΕ ΜΟΝΗ ΕΙΣ ΤΟΝ ΔΙΑΔΡΟΜΟΝ ΣΚΕΠΤΟΜΕΝΗ ΤΙ ΕΠΡΕΠΕ ΝΑ ΠΡΑΞΗ ΑΠΕΦΑΣΙΣΕ ΝΑ ΜΕΤΑΒΗ ΕΙΣ ΤΟΝ ΚΕΡΜΑ Ο ΟΠΟΙΟΣ ΗΤΟ Ο ΜΟΝΟΣ ΑΝΘΡΩΠΟΣ Ο ΟΠΟΙΟΣ ΘΑ ΗΔΥΝΑΤΟ ΝΑ ΤΗΝ ΒΟΗΘΗΣΗ ΕΙΣ ΤΟΝ ΑΓΩΝΑ ΤΗΣ ΚΑΙ ΕΞΗΛΘΕ ΤΑΧΕΩΣ ΑΠΟ ΤΟ ΜΕΓΑΡΟΝ ΤΗΣ ΔΙΚΑΙΟΣΥΝΗΣ ΟΤΑΝ ΕΦΘΑΣΕΝ ΕΙΣ ΤΗΝ ΟΙΚΙΑΝ ΤΟΥ ΚΕΡΜΑ Ο ΥΠΗΡΕΤΗΣ ΤΗΣ ΕΙΠΕΝ ΟΤΙ Ο ΚΥΡΙΟΣ ΤΟΥ ΑΠΟΥΣΙΑΖΕΙ ΚΑΙ ΟΤΙ ΔΕΝ ΓΝΩΡΙΖΕΙ ΠΟΤΕ ΘΑ ΕΠΙΣΤΡΕΨΗ Η ΓΑΒΡΙΕΛΛΑ ΑΠΕΦΑΣΙΣΕ ΝΑ ΠΕΡΙΜΕΝΗ ΚΑΙ ΕΚΑΘΙΣΕΝ ΕΙΣ ΤΟ ΣΑΛΟΝΙ ΟΠΟΥ ΤΗΝ ΩΔΗΓΗΣΕΝ Ο ΥΠΗΡΕΤΗΣ ΑΙ ΩΡΑΙ ΠΑΡΗΡΧΟΝΤΟ ΒΡΑΔΕΩΣ ΚΑΙ Η ΑΓΩΝΙΑ ΤΗΣ ΜΕΓΑΛΩΝΕ ΤΕΛΟΣ ΗΚΟΥΣΕ ΒΗΜΑΤΑ ΕΙΣ ΤΟΝ ΔΙΑΔΡΟΜΟΝ ΚΑΙ Ο ΚΕΡΜΑΣ ΕΙΣΗΛΘΕΝ ΩΧΡΟΣ ΚΑΙ ΣΥΓΚΙΝΗΜΕΝΟΣ ΕΙΧΕ ΜΑΘΕΙ ΤΗΝ ΣΥΛΛΗΨΙΝ ΤΟΥ ΒΑΛΚΡΕΖ ΚΑΙ ΕΤΡΕΞΕ ΝΑ ΕΥΡΗ ΤΗΝ ΓΑΒΡΙΕΛΛΑΝ ΔΙΑ ΝΑ ΤΗΝ ΠΑΡΗΓΟΡΗΣΗ ΚΑΙ ΝΑ ΣΥΖΗΤΗΣΟΥΝ ΠΕΡΙ ΤΩΝ ΜΕΤΡΩΝ ΤΑ ΟΠΟΙΑ ΕΠΡΕΠΕ ΝΑ ΛΗΦΘΟΥΝ ΔΙΑ ΤΗΝ ΑΠΟΔΕΙΞΙΝ ΤΗΣ ΑΘΩΟΤΗΤΟΣ ΤΟΥ ΦΙΛΟΥ ΤΩΝ ΚΑΙ ΔΙΑ ΤΗΝ ΑΝΑΚΑΛΥΨΙΝ ΤΟΥ ΠΡΑΓΜΑΤΙΚΟΥ ΕΝΟΧΟΥ ΤΟΥ ΕΓΚΛΗΜΑΤΟΣ Ο ΟΠΟΙΟΣ ΕΥΡΙΣΚΕΤΟ ΑΚΟΜΗ ΕΛΕΥΘΕΡΟΣ ΚΑΙ ΙΣΩΣ ΠΡΟΕΤΟΙΜΑΖΕ ΝΕΑΝ ΣΥΝΩΜΟΣΙΑΝ ΕΝΑΝΤΙΟΝ ΤΩΝ ΑΓΑΠΗΜΕΝΩΝ ΤΗΣ ΠΡΟΣΩΠΩΝ
(Ἀκολουθεῖ)
